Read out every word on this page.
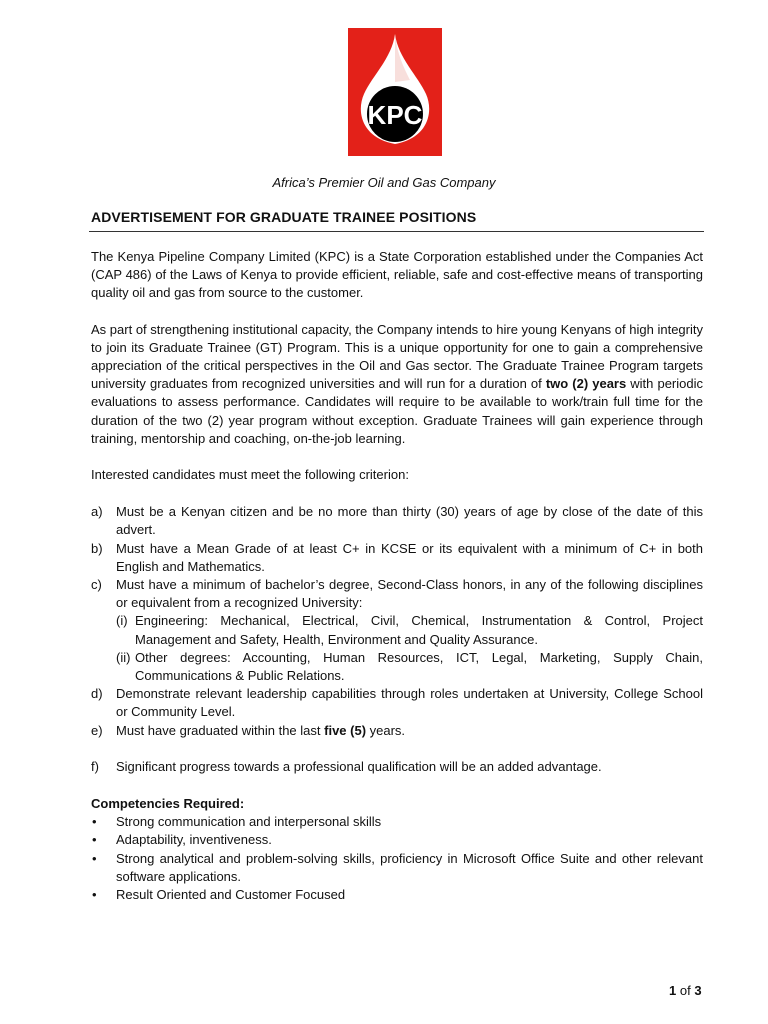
KPC
Africa’s Premier Oil and Gas Company
ADVERTISEMENT FOR GRADUATE TRAINEE POSITIONS

The Kenya Pipeline Company Limited (KPC) is a State Corporation established under the Companies Act (CAP 486) of the Laws of Kenya to provide efficient, reliable, safe and cost-effective means of transporting quality oil and gas from source to the customer.

As part of strengthening institutional capacity, the Company intends to hire young Kenyans of high integrity to join its Graduate Trainee (GT) Program. This is a unique opportunity for one to gain a comprehensive appreciation of the critical perspectives in the Oil and Gas sector. The Graduate Trainee Program targets university graduates from recognized universities and will run for a duration of two (2) years with periodic evaluations to assess performance. Candidates will require to be available to work/train full time for the duration of the two (2) year program without exception. Graduate Trainees will gain experience through training, mentorship and coaching, on-the-job learning.

Interested candidates must meet the following criterion:

a) Must be a Kenyan citizen and be no more than thirty (30) years of age by close of the date of this advert.
b) Must have a Mean Grade of at least C+ in KCSE or its equivalent with a minimum of C+ in both English and Mathematics.
c) Must have a minimum of bachelor’s degree, Second-Class honors, in any of the following disciplines or equivalent from a recognized University:
(i) Engineering: Mechanical, Electrical, Civil, Chemical, Instrumentation & Control, Project Management and Safety, Health, Environment and Quality Assurance.
(ii) Other degrees: Accounting, Human Resources, ICT, Legal, Marketing, Supply Chain, Communications & Public Relations.
d) Demonstrate relevant leadership capabilities through roles undertaken at University, College School or Community Level.
e) Must have graduated within the last five (5) years.
f) Significant progress towards a professional qualification will be an added advantage.
Competencies Required:
• Strong communication and interpersonal skills
• Adaptability, inventiveness.
• Strong analytical and problem-solving skills, proficiency in Microsoft Office Suite and other relevant software applications.
• Result Oriented and Customer Focused
1 of 3
